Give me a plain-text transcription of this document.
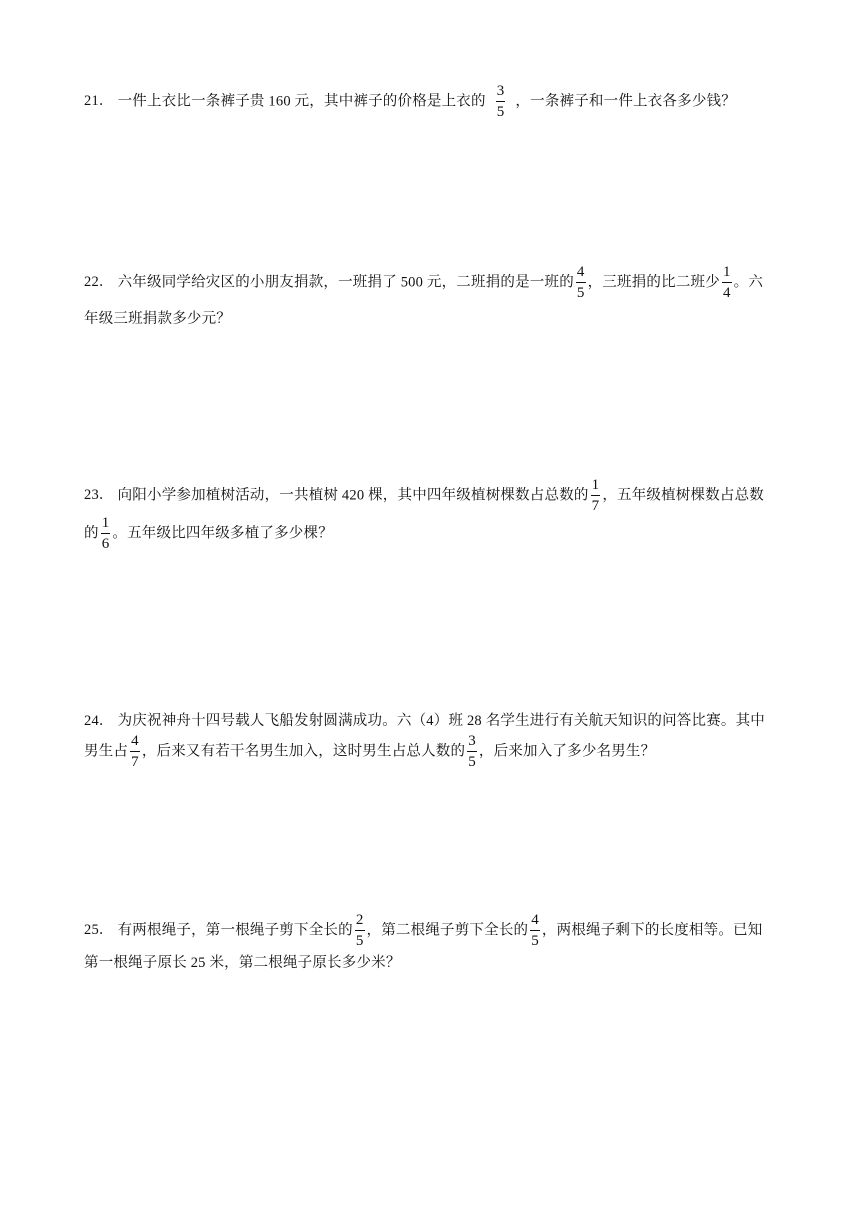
21． 一件上衣比一条裤子贵 160 元，其中裤子的价格是上衣的 $\frac{3}{5}$ ，一条裤子和一件上衣各多少钱？
22． 六年级同学给灾区的小朋友捐款，一班捐了 500 元，二班捐的是一班的 $\frac{4}{5}$ ，三班捐的比二班少 $\frac{1}{4}$ 。六
年级三班捐款多少元？
23． 向阳小学参加植树活动，一共植树 420 棵，其中四年级植树棵数占总数的 $\frac{1}{7}$ ，五年级植树棵数占总数
的 $\frac{1}{6}$ 。五年级比四年级多植了多少棵？
24． 为庆祝神舟十四号载人飞船发射圆满成功。六（4）班 28 名学生进行有关航天知识的问答比赛。其中
男生占 $\frac{4}{7}$ ，后来又有若干名男生加入，这时男生占总人数的 $\frac{3}{5}$ ，后来加入了多少名男生？
25． 有两根绳子，第一根绳子剪下全长的 $\frac{2}{5}$ ，第二根绳子剪下全长的 $\frac{4}{5}$ ，两根绳子剩下的长度相等。已知
第一根绳子原长 25 米，第二根绳子原长多少米？
